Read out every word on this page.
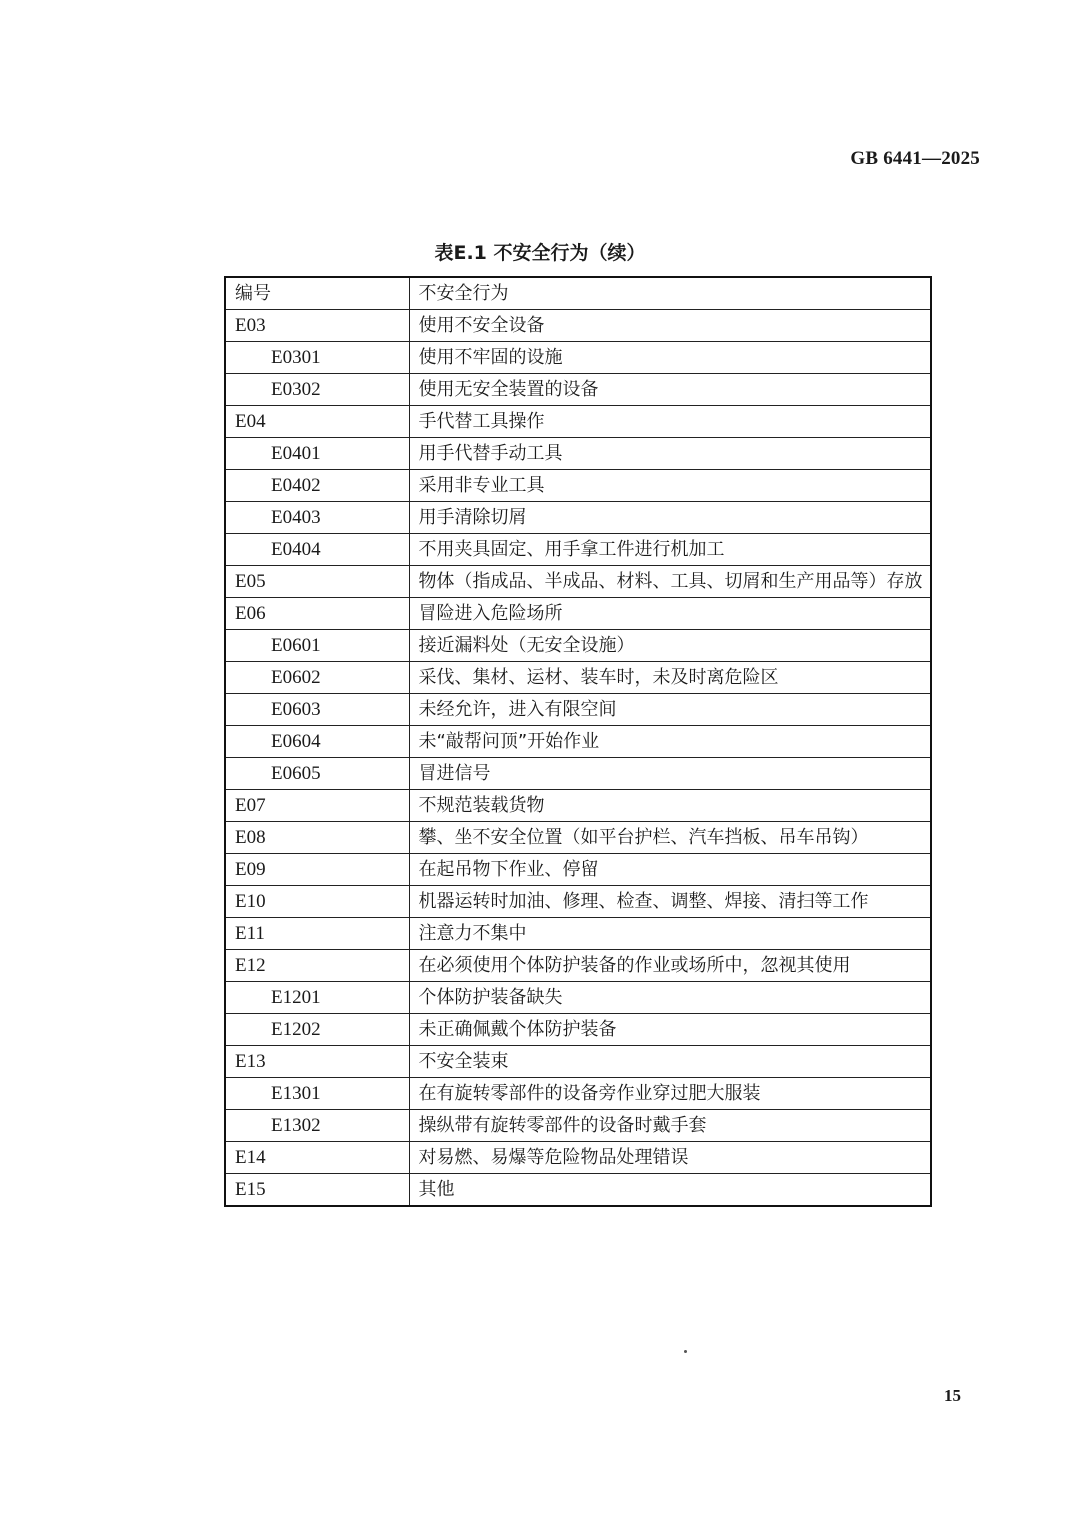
GB 6441—2025
表E.1 不安全行为（续）
编号	不安全行为
E03	使用不安全设备
E0301	使用不牢固的设施
E0302	使用无安全装置的设备
E04	手代替工具操作
E0401	用手代替手动工具
E0402	采用非专业工具
E0403	用手清除切屑
E0404	不用夹具固定、用手拿工件进行机加工
E05	物体（指成品、半成品、材料、工具、切屑和生产用品等）存放
E06	冒险进入危险场所
E0601	接近漏料处（无安全设施）
E0602	采伐、集材、运材、装车时，未及时离危险区
E0603	未经允许，进入有限空间
E0604	未“敲帮问顶”开始作业
E0605	冒进信号
E07	不规范装载货物
E08	攀、坐不安全位置（如平台护栏、汽车挡板、吊车吊钩）
E09	在起吊物下作业、停留
E10	机器运转时加油、修理、检查、调整、焊接、清扫等工作
E11	注意力不集中
E12	在必须使用个体防护装备的作业或场所中，忽视其使用
E1201	个体防护装备缺失
E1202	未正确佩戴个体防护装备
E13	不安全装束
E1301	在有旋转零部件的设备旁作业穿过肥大服装
E1302	操纵带有旋转零部件的设备时戴手套
E14	对易燃、易爆等危险物品处理错误
E15	其他
15
